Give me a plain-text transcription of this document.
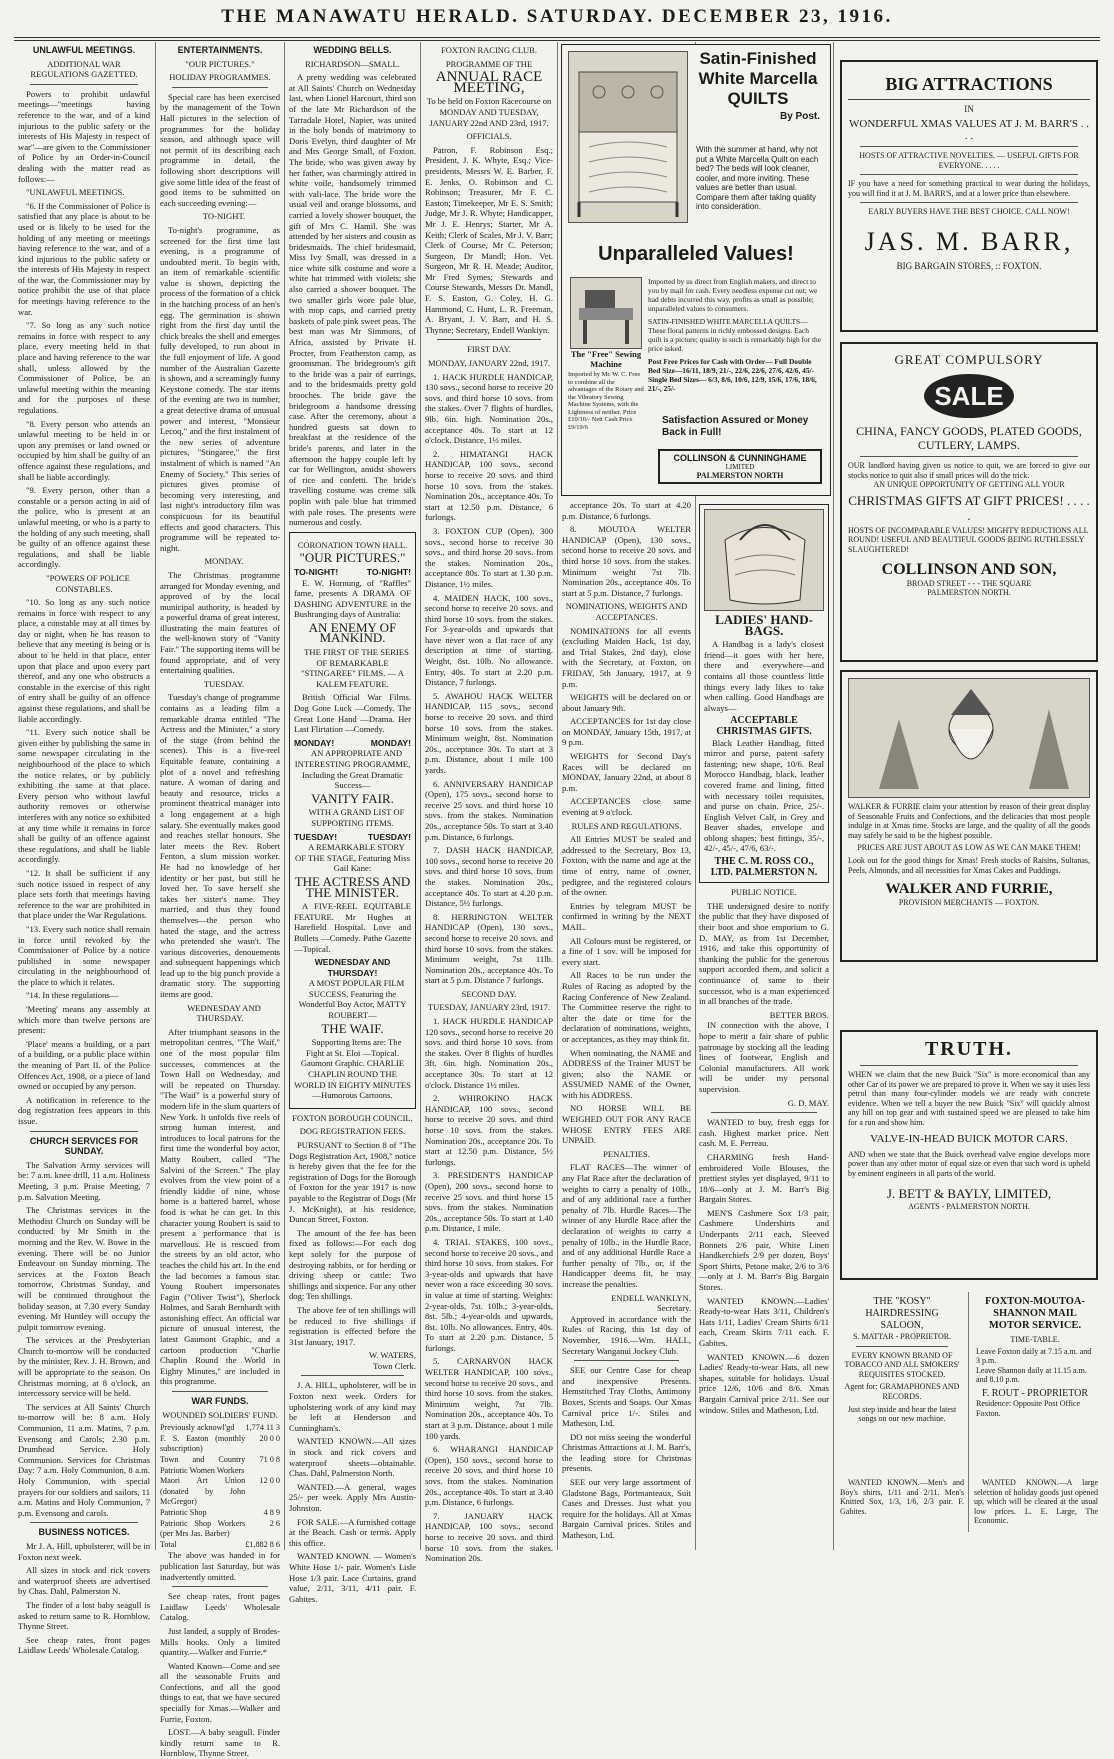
THE MANAWATU HERALD. SATURDAY. DECEMBER 23, 1916.
UNLAWFUL MEETINGS.
ADDITIONAL WAR REGULATIONS GAZETTED.

Powers to prohibit unlawful meetings—"meetings having reference to the war, and of a kind injurious to the public safety or the interests of His Majesty in respect of war"—are given to the Commissioner of Police by an Order-in-Council dealing with the matter read as follows:—

"UNLAWFUL MEETINGS.

"6. If the Commissioner of Police is satisfied that any place is about to be used or is likely to be used for the holding of any meeting or meetings having reference to the war, and of a kind injurious to the public safety or the interests of His Majesty in respect of the war, the Commissioner may by notice prohibit the use of that place for meetings having reference to the war.

"7. So long as any such notice remains in force with respect to any place, every meeting held in that place and having reference to the war shall, unless allowed by the Commissioner of Police, be an unlawful meeting within the meaning and for the purposes of these regulations.

"8. Every person who attends an unlawful meeting to be held in or upon any premises or land owned or occupied by him shall be guilty of an offence against these regulations, and shall be liable accordingly.

"9. Every person, other than a constable or a person acting in aid of the police, who is present at an unlawful meeting, or who is a party to the holding of any such meeting, shall be guilty of an offence against these regulations, and shall be liable accordingly.

"POWERS OF POLICE CONSTABLES.

"10. So long as any such notice remains in force with respect to any place, a constable may at all times by day or night, when he has reason to believe that any meeting is being or is about to be held in that place, enter upon that place and upon every part thereof, and any one who obstructs a constable in the exercise of this right of entry shall be guilty of an offence against these regulations, and shall be liable accordingly.

"11. Every such notice shall be given either by publishing the same in some newspaper circulating in the neighbourhood of the place to which the notice relates, or by publicly exhibiting the same at that place. Every person who without lawful authority removes or otherwise interferes with any notice so exhibited at any time while it remains in force shall be guilty of an offence against these regulations, and shall be liable accordingly.

"12. It shall be sufficient if any such notice issued in respect of any place sets forth that meetings having reference to the war are prohibited in that place under the War Regulations.

"13. Every such notice shall remain in force until revoked by the Commissioner of Police by a notice published in some newspaper circulating in the neighbourhood of the place to which it relates.

"14. In these regulations—

'Meeting' means any assembly at which more than twelve persons are present:

'Place' means a building, or a part of a building, or a public place within the meaning of Part II. of the Police Offences Act, 1908, or a piece of land owned or occupied by any person.

A notification in reference to the dog registration fees appears in this issue.

CHURCH SERVICES FOR SUNDAY.

The Salvation Army services will be: 7 a.m. knee drill, 11 a.m. Holiness Meeting, 3 p.m. Praise Meeting, 7 p.m. Salvation Meeting.

The Christmas services in the Methodist Church on Sunday will be conducted by Mr Smith in the morning and the Rev. W. Bowe in the evening. There will be no Junior Endeavour on Sunday morning. The services at the Foxton Beach tomorrow, Christmas Sunday, and will be continued throughout the holiday season, at 7.30 every Sunday evening. Mr Huntley will occupy the pulpit tomorrow evening.

The services at the Presbyterian Church to-morrow will be conducted by the minister, Rev. J. H. Brown, and will be appropriate to the season. On Christmas morning, at 8 o'clock, an intercessory service will be held.

The services at All Saints' Church to-morrow will be: 8 a.m. Holy Communion, 11 a.m. Matins, 7 p.m. Evensong and Carols; 2.30 p.m. Drumhead Service. Holy Communion. Services for Christmas Day: 7 a.m. Holy Communion, 8 a.m. Holy Communion, with special prayers for our soldiers and sailors, 11 a.m. Matins and Holy Communion, 7 p.m. Evensong and carols.

BUSINESS NOTICES.

Mr J. A. Hill, upholsterer, will be in Foxton next week.

All sizes in stock and rick covers and waterproof sheets are advertised by Chas. Dahl, Palmerston N.

The finder of a lost baby seagull is asked to return same to R. Hornblow, Thynne Street.

See cheap rates, front pages Laidlaw Leeds' Wholesale Catalog.

ENTERTAINMENTS.
"OUR PICTURES."
HOLIDAY PROGRAMMES.

Special care has been exercised by the management of the Town Hall pictures in the selection of programmes for the holiday season, and although space will not permit of its describing each programme in detail, the following short descriptions will give some little idea of the feast of good items to be submitted on each succeeding evening:—

TO-NIGHT.

To-night's programme, as screened for the first time last evening, is a programme of undoubted merit. To begin with, an item of remarkable scientific value is shown, depicting the process of the formation of a chick in the hatching process of an hen's egg. The germination is shown right from the first day until the chick breaks the shell and emerges fully developed, to run about in the full enjoyment of life. A good number of the Australian Gazette is shown, and a screamingly funny Keystone comedy. The star items of the evening are two in number, a great detective drama of unusual power and interest, "Monsieur Lecoq," and the first instalment of the new series of adventure pictures, "Stingaree," the first instalment of which is named "An Enemy of Society." This series of pictures gives promise of becoming very interesting, and last night's introductory film was conspicuous for its beautiful effects and good characters. This programme will be repeated to-night.

MONDAY.

The Christmas programme arranged for Monday evening, and approved of by the local municipal authority, is headed by a powerful drama of great interest, illustrating the main features of the well-known story of "Vanity Fair." The supporting items will be found appropriate, and of very entertaining qualities.

TUESDAY.

Tuesday's change of programme contains as a leading film a remarkable drama entitled "The Actress and the Minister," a story of the stage (from behind the scenes). This is a five-reel Equitable feature, containing a plot of a novel and refreshing nature. A woman of daring and beauty and resource, tricks a prominent theatrical manager into a long engagement at a high salary. She eventually makes good and reaches stellar honours. She later meets the Rev. Robert Fenton, a slum mission worker. He had no knowledge of her identity or her past, but still he loved her. To save herself she takes her sister's name. They married, and thus they found themselves—the person who hated the stage, and the actress who pretended she wasn't. The various discoveries, denouements and subsequent happenings which lead up to the big punch provide a dramatic story. The supporting items are good.

WEDNESDAY AND THURSDAY.

After triumphant seasons in the metropolitan centres, "The Waif," one of the most popular film successes, commences at the Town Hall on Wednesday, and will be repeated on Thursday. "The Waif" is a powerful story of modern life in the slum quarters of New York. It unfolds five reels of strong human interest, and introduces to local patrons for the first time the wonderful boy actor, Matty Roubert, called "The Salvini of the Screen." The play evolves from the view point of a friendly kiddie of nine, whose home is a battered barrel, whose food is what he can get. In this character young Roubert is said to present a performance that is marvellous. He is rescued from the streets by an old actor, who teaches the child his art. In the end the lad becomes a famous star. Young Roubert impersonates Fagin ("Oliver Twist"), Sherlock Holmes, and Sarah Bernhardt with astonishing effect. An official war picture of unusual interest, the latest Gaumont Graphic, and a cartoon production "Charlie Chaplin Round the World in Eighty Minutes," are included in this programme.

WAR FUNDS.
WOUNDED SOLDIERS' FUND.
Previously acknowl'gd	1,774 11 3
F. S. Easton (monthly subscription)	20 0 0
Town and Country Patriotic Women Workers	71 0 8
Maori Art Union (donated by John McGregor)	12 0 0
Patriotic Shop	4 8 9
Patriotic Shop Workers (per Mrs Jas. Barber)	2 6
Total	£1,882 8 6

The above was handed in for publication last Saturday, but was inadvertently omitted.

See cheap rates, front pages Laidlaw Leeds' Wholesale Catalog.

Just landed, a supply of Brodes-Mills hooks. Only a limited quantity.—Walker and Furrie.*

Wanted Known—Come and see all the seasonable Fruits and Confections, and all the good things to eat, that we have secured specially for Xmas.—Walker and Furrie, Foxton.

LOST.—A baby seagull. Finder kindly return same to R. Hornblow, Thynne Street.

WEDDING BELLS.
RICHARDSON—SMALL.

A pretty wedding was celebrated at All Saints' Church on Wednesday last, when Lionel Harcourt, third son of the late Mr Richardson of the Tarradale Hotel, Napier, was united in the holy bonds of matrimony to Doris Evelyn, third daughter of Mr and Mrs George Small, of Foxton. The bride, who was given away by her father, was charmingly attired in white voile, handsomely trimmed with vali-lace. The bride wore the usual veil and orange blossoms, and carried a lovely shower bouquet, the gift of Mrs C. Hamil. She was attended by her sisters and cousin as bridesmaids. The chief bridesmaid, Miss Ivy Small, was dressed in a nice white silk costume and wore a white hat trimmed with violets; she also carried a shower bouquet. The two smaller girls wore pale blue, with mop caps, and carried pretty baskets of pale pink sweet peas. The best man was Mr Simmons, of Africa, assisted by Private H. Procter, from Featherston camp, as groomsman. The bridegroom's gift to the bride was a pair of earrings, and to the bridesmaids pretty gold brooches. The bride gave the bridegroom a handsome dressing case. After the ceremony, about a hundred guests sat down to breakfast at the residence of the bride's parents, and later in the afternoon the happy couple left by car for Wellington, amidst showers of rice and confetti. The bride's travelling costume was creme silk poplin with pale blue hat trimmed with pale roses. The presents were numerous and costly.

CORONATION TOWN HALL.
"OUR PICTURES."
TO-NIGHT!	TO-NIGHT!

E. W. Hornung, of "Raffles" fame, presents A DRAMA OF DASHING ADVENTURE in the Bushranging days of Australia:

AN ENEMY OF MANKIND.

THE FIRST OF THE SERIES OF REMARKABLE "STINGAREE" FILMS. — A KALEM FEATURE.

British Official War Films. Dog Gone Luck —Comedy. The Great Lone Hand —Drama. Her Last Flirtation —Comedy.

MONDAY!	MONDAY!

AN APPROPRIATE AND INTERESTING PROGRAMME, Including the Great Dramatic Success—

VANITY FAIR.

WITH A GRAND LIST OF SUPPORTING ITEMS.

TUESDAY!	TUESDAY!

A REMARKABLE STORY OF THE STAGE, Featuring Miss Gail Kane:

THE ACTRESS AND THE MINISTER.

A FIVE-REEL EQUITABLE FEATURE. Mr Hughes at Harefield Hospital. Love and Bullets —Comedy. Pathe Gazette —Topical.

WEDNESDAY AND THURSDAY!

A MOST POPULAR FILM SUCCESS, Featuring the Wonderful Boy Actor, MATTY ROUBERT—

THE WAIF.

Supporting Items are: The Fight at St. Eloi —Topical. Gaumont Graphic. CHARLIE CHAPLIN ROUND THE WORLD IN EIGHTY MINUTES—Humorous Cartoons.

FOXTON BOROUGH COUNCIL.
DOG REGISTRATION FEES.

PURSUANT to Section 8 of "The Dogs Registration Act, 1908," notice is hereby given that the fee for the registration of Dogs for the Borough of Foxton for the year 1917 is now payable to the Registrar of Dogs (Mr J. McKnight), at his residence, Duncan Street, Foxton.

The amount of the fee has been fixed as follows:—For each dog kept solely for the purpose of destroying rabbits, or for herding or driving sheep or cattle: Two shillings and sixpence. For any other dog: Ten shillings.

The above fee of ten shillings will be reduced to five shillings if registration is effected before the 31st January, 1917.

W. WATERS,
Town Clerk.

J. A. HILL, upholsterer, will be in Foxton next week. Orders for upholstering work of any kind may be left at Henderson and Cunningham's.

WANTED KNOWN.—All sizes in stock and rick covers and waterproof sheets—obtainable. Chas. Dahl, Palmerston North.

WANTED.—A general, wages 25/- per week. Apply Mrs Austin-Johnston.

FOR SALE.—A furnished cottage at the Beach. Cash or terms. Apply this office.

WANTED KNOWN. — Women's White Hose 1/- pair. Women's Lisle Hose 1/3 pair. Lace Curtains, grand value, 2/11, 3/11, 4/11 pair. F. Gabites.

FOXTON RACING CLUB.
PROGRAMME OF THE
ANNUAL RACE MEETING,
To be held on Foxton Racecourse on MONDAY AND TUESDAY, JANUARY 22nd AND 23rd, 1917.
OFFICIALS.

Patron, F. Robinson Esq.; President, J. K. Whyte, Esq.; Vice-presidents, Messrs W. E. Barber, F. E. Jenks, O. Robinson and C. Robinson; Treasurer, Mr F. C. Easton; Timekeeper, Mr E. S. Smith; Judge, Mr J. R. Whyte; Handicapper, Mr J. E. Henrys; Starter, Mr A. Keith; Clerk of Scales, Mr J. V. Barr; Clerk of Course, Mr C. Peterson; Surgeon, Dr Mandl; Hon. Vet. Surgeon, Mr R. H. Meade; Auditor, Mr Fred Symes; Stewards and Course Stewards, Messrs Dr. Mandl, F. S. Easton, G. Coley, H. G. Hammond, C. Hunt, L. R. Freeman, A. Bryant, J. V. Barr, and H. S. Thynne; Secretary, Endell Wankiyn.

FIRST DAY.
MONDAY, JANUARY 22nd, 1917.

1. HACK HURDLE HANDICAP, 130 sovs., second horse to receive 20 sovs. and third horse 10 sovs. from the stakes. Over 7 flights of hurdles, 9lb. 6in. high. Nomination 20s., acceptance 40s. To start at 12 o'clock. Distance, 1½ miles.

2. HIMATANGI HACK HANDICAP, 100 sovs., second horse to receive 20 sovs. and third horse 10 sovs. from the stakes. Nomination 20s., acceptance 40s. To start at 12.50 p.m. Distance, 6 furlongs.

3. FOXTON CUP (Open), 300 sovs., second horse to receive 30 sovs., and third horse 20 sovs. from the stakes. Nomination 20s., acceptance 80s. To start at 1.30 p.m. Distance, 1½ miles.

4. MAIDEN HACK, 100 sovs., second horse to receive 20 sovs. and third horse 10 sovs. from the stakes. For 3-year-olds and upwards that have never won a flat race of any description at time of starting. Weight, 8st. 10lb. No allowance. Entry, 40s. To start at 2.20 p.m. Distance, 7 furlongs.

5. AWAHOU HACK WELTER HANDICAP, 115 sovs., second horse to receive 20 sovs. and third horse 10 sovs. from the stakes. Minimum weight, 8st. Nomination 20s., acceptance 30s. To start at 3 p.m. Distance, about 1 mile 100 yards.

6. ANNIVERSARY HANDICAP (Open), 175 sovs., second horse to receive 25 sovs. and third horse 10 sovs. from the stakes. Nomination 20s., acceptance 50s. To start at 3.40 p.m. Distance, 6 furlongs.

7. DASH HACK HANDICAP, 100 sovs., second horse to receive 20 sovs. and third horse 10 sovs. from the stakes. Nomination 20s., acceptance 40s. To start at 4.20 p.m. Distance, 5½ furlongs.

8. HERRINGTON WELTER HANDICAP (Open), 130 sovs., second horse to receive 20 sovs. and third horse 10 sovs. from the stakes. Minimum weight, 7st 11lb. Nomination 20s., acceptance 40s. To start at 5 p.m. Distance 7 furlongs.

SECOND DAY.
TUESDAY, JANUARY 23rd, 1917.

1. HACK HURDLE HANDICAP 120 sovs., second horse to receive 20 sovs. and third horse 10 sovs. from the stakes. Over 8 flights of hurdles 3ft. 6in. high. Nomination 20s., acceptance 30s. To start at 12 o'clock. Distance 1½ miles.

2. WHIROKINO HACK HANDICAP, 100 sovs., second horse to receive 20 sovs. and third horse 10 sovs. from the stakes. Nomination 20s., acceptance 20s. To start at 12.50 p.m. Distance, 5½ furlongs.

3. PRESIDENT'S HANDICAP (Open), 200 sovs., second horse to receive 25 sovs. and third horse 15 sovs. from the stakes. Nomination 20s., acceptance 50s. To start at 1.40 p.m. Distance, 1 mile.

4. TRIAL STAKES, 100 sovs., second horse to receive 20 sovs., and third horse 10 sovs. from stakes. For 3-year-olds and upwards that have never won a race exceeding 30 sovs. in value at time of starting. Weights: 2-year-olds, 7st. 10lb.; 3-year-olds, 8st. 5lb.; 4-year-olds and upwards, 8st. 10lb. No allowances. Entry, 40s. To start at 2.20 p.m. Distance, 5 furlongs.

5. CARNARVON HACK WELTER HANDICAP, 100 sovs., second horse to receive 20 sovs., and third horse 10 sovs. from the stakes. Minimum weight, 7st 7lb. Nomination 20s., acceptance 40s. To start at 3 p.m. Distance, about 1 mile 100 yards.

6. WHARANGI HANDICAP (Open), 150 sovs., second horse to receive 20 sovs. and third horse 10 sovs. from the stakes. Nomination 20s., acceptance 40s. To start at 3.40 p.m. Distance, 6 furlongs.

7. JANUARY HACK HANDICAP, 100 sovs., second horse to receive 20 sovs. and third horse 10 sovs. from the stakes. Nomination 20s.

Satin-Finished White Marcella QUILTS
By Post.
With the summer at hand, why not put a White Marcella Quilt on each bed? The beds will look cleaner, cooler, and more inviting. These values are better than usual. Compare them after taking quality into consideration.
Unparalleled Values!
The "Free" Sewing Machine
Imported by Mr. W. C. Free to combine all the advantages of the Rotary and the Vibratory Sewing Machine Systems, with the Lightness of neither. Price £10/10/- Nett Cash Price £9/19/6
Imported by us direct from English makers, and direct to you by mail for cash. Every needless expense cut out; we had debts incurred this way, profits as small as possible; unparalleled values to consumers.
SATIN-FINISHED WHITE MARCELLA QUILTS—These floral patterns in richly embossed designs. Each quilt is a picture; quality is such is remarkably high for the price asked.
Post Free Prices for Cash with Order— Full Double Bed Size—16/11, 18/9, 21/-, 22/6, 22/6, 27/6, 42/6, 45/- Single Bed Sizes— 6/3, 8/6, 10/6, 12/9, 15/6, 17/6, 18/6, 21/-, 25/-
Satisfaction Assured or Money Back in Full!
COLLINSON & CUNNINGHAME
LIMITED
PALMERSTON NORTH

acceptance 20s. To start at 4.20 p.m. Distance, 6 furlongs.

8. MOUTOA WELTER HANDICAP (Open), 130 sovs., second horse to receive 20 sovs. and third horse 10 sovs. from the stakes. Minimum weight 7st 7lb. Nomination 20s., acceptance 40s. To start at 5 p.m. Distance, 7 furlongs.

NOMINATIONS, WEIGHTS AND ACCEPTANCES.

NOMINATIONS for all events (excluding Maiden Hack, 1st day, and Trial Stakes, 2nd day), close with the Secretary, at Foxton, on FRIDAY, 5th January, 1917, at 9 p.m.

WEIGHTS will be declared on or about January 9th.

ACCEPTANCES for 1st day close on MONDAY, January 15th, 1917, at 9 p.m.

WEIGHTS for Second Day's Races will be declared on MONDAY, January 22nd, at about 8 p.m.

ACCEPTANCES close same evening at 9 o'clock.

RULES AND REGULATIONS.

All Entries MUST be sealed and addressed to the Secretary, Box 13, Foxton, with the name and age at the time of entry, name of owner, pedigree, and the registered colours of the owner.

Entries by telegram MUST be confirmed in writing by the NEXT MAIL.

All Colours must be registered, or a fine of 1 sov. will be imposed for every start.

All Races to be run under the Rules of Racing as adopted by the Racing Conference of New Zealand. The Committee reserve the right to alter the date or time for the declaration of nominations, weights, or acceptances, as they may think fit.

When nominating, the NAME and ADDRESS of the Trainer MUST be given; also the NAME or ASSUMED NAME of the Owner, with his ADDRESS.

NO HORSE WILL BE WEIGHED OUT FOR ANY RACE WHOSE ENTRY FEES ARE UNPAID.

PENALTIES.

FLAT RACES—The winner of any Flat Race after the declaration of weights to carry a penalty of 10lb., and of any additional race a further penalty of 7lb. Hurdle Races—The winner of any Hurdle Race after the declaration of weights to carry a penalty of 10lb., in the Hurdle Race, and of any additional Hurdle Race a further penalty of 7lb., or, if the Handicapper deems fit, he may increase the penalties.

ENDELL WANKLYN,
Secretary.

Approved in accordance with the Rules of Racing, this 1st day of November, 1916.—Wm. HALL, Secretary Wanganui Jockey Club.

SEE our Centre Case for cheap and inexpensive Presents. Hemstitched Tray Cloths, Antimony Boxes, Scents and Soaps. Our Xmas Carnival price 1/-. Stiles and Matheson, Ltd.

DO not miss seeing the wonderful Christmas Attractions at J. M. Barr's, the leading store for Christmas presents.

SEE our very large assortment of Gladstone Bags, Portmanteaux, Suit Cases and Dresses. Just what you require for the holidays. All at Xmas Bargain Carnival prices. Stiles and Matheson, Ltd.

LADIES' HAND-BAGS.

A Handbag is a lady's closest friend—it goes with her here, there and everywhere—and contains all those countless little things every lady likes to take when calling. Good Handbags are always—

ACCEPTABLE CHRISTMAS GIFTS.

Black Leather Handbag, fitted mirror and purse, patent safety fastening; new shape, 10/6. Real Morocco Handbag, black, leather covered frame and lining, fitted with necessary toilet requisites, and purse on chain. Price, 25/-. English Velvet Calf, in Grey and Beaver shades, envelope and oblong shapes; best fittings, 35/-, 42/-, 45/-, 47/6, 63/-.

THE C. M. ROSS CO., LTD. PALMERSTON N.
PUBLIC NOTICE.

THE undersigned desire to notify the public that they have disposed of their boot and shoe emporium to G. D. MAY, as from 1st December, 1916, and take this opportunity of thanking the public for the generous support accorded them, and solicit a continuance of same to their successor, who is a man experienced in all branches of the trade.

BETTER BROS.

IN connection with the above, I hope to merit a fair share of public patronage by stocking all the leading lines of footwear, English and Colonial manufacturers. All work will be under my personal supervision.

G. D. MAY.

WANTED to buy, fresh eggs for cash. Highest market price. Nett cash. M. E. Perreau.

CHARMING fresh Hand-embroidered Voile Blouses, the prettiest styles yet displayed, 9/11 to 18/6—only at J. M. Barr's Big Bargain Stores.

MEN'S Cashmere Sox 1/3 pair, Cashmere Undershirts and Underpants 2/11 each, Sleeved Bonnets 2/6 pair, White Linen Handkerchiefs 2/9 per dozen, Boys' Sport Shirts, Petone make, 2/6 to 3/6—only at J. M. Barr's Big Bargain Stores.

WANTED KNOWN.—Ladies' Ready-to-wear Hats 3/11, Children's Hats 1/11, Ladies' Cream Shirts 6/11 each, Cream Skirts 7/11 each. F. Gabites.

WANTED KNOWN.—6 dozen Ladies' Ready-to-wear Hats, all new shapes, suitable for holidays. Usual price 12/6, 10/6 and 8/6. Xmas Bargain Carnival price 2/11. See our window. Stiles and Matheson, Ltd.

BIG ATTRACTIONS
IN
WONDERFUL XMAS VALUES AT J. M. BARR'S . . . .
HOSTS OF ATTRACTIVE NOVELTIES. — USEFUL GIFTS FOR EVERYONE. . . . .
IF you have a need for something practical to wear during the holidays, you will find it at J. M. BARR'S, and at a lower price than elsewhere.
EARLY BUYERS HAVE THE BEST CHOICE. CALL NOW!
JAS. M. BARR,
BIG BARGAIN STORES, :: FOXTON.
GREAT COMPULSORY
SALE
CHINA, FANCY GOODS, PLATED GOODS, CUTLERY, LAMPS.
OUR landlord having given us notice to quit, we are forced to give our stocks notice to quit also if small prices will do the trick.
AN UNIQUE OPPORTUNITY OF GETTING ALL YOUR
CHRISTMAS GIFTS AT GIFT PRICES! . . . . .
HOSTS OF INCOMPARABLE VALUES! MIGHTY REDUCTIONS ALL ROUND! USEFUL AND BEAUTIFUL GOODS BEING RUTHLESSLY SLAUGHTERED!
COLLINSON AND SON,
BROAD STREET - - - THE SQUARE
PALMERSTON NORTH.
WALKER & FURRIE claim your attention by reason of their great display of Seasonable Fruits and Confections, and the delicacies that most people indulge in at Xmas time. Stocks are large, and the quality of all the goods may safely be said to be the highest possible.
PRICES ARE JUST ABOUT AS LOW AS WE CAN MAKE THEM!
Look out for the good things for Xmas! Fresh stocks of Raisins, Sultanas, Peels, Almonds, and all necessities for Xmas Cakes and Puddings.
WALKER AND FURRIE,
PROVISION MERCHANTS — FOXTON.
TRUTH.
WHEN we claim that the new Buick "Six" is more economical than any other Car of its power we are prepared to prove it. When we say it uses less petrol than many four-cylinder models we are ready with concrete evidence. When we tell a buyer the new Buick "Six" will quickly almost any hill on top gear and with sustained speed we are pleased to take him for a run and show him.
VALVE-IN-HEAD BUICK MOTOR CARS.
AND when we state that the Buick overhead valve engine develops more power than any other motor of equal size or even that such word is upheld by eminent engineers in all parts of the world.
J. BETT & BAYLY, LIMITED,
AGENTS - PALMERSTON NORTH.
THE "KOSY" HAIRDRESSING SALOON,
S. MATTAR - PROPRIETOR.
EVERY KNOWN BRAND OF TOBACCO AND ALL SMOKERS' REQUISITES STOCKED.
Agent for: GRAMAPHONES AND RECORDS.
Just step inside and hear the latest songs on our new machine.
FOXTON-MOUTOA-SHANNON MAIL MOTOR SERVICE.
TIME-TABLE.
Leave Foxton daily at 7.15 a.m. and 3 p.m.
Leave Shannon daily at 11.15 a.m. and 8.10 p.m.
F. ROUT - PROPRIETOR
Residence: Opposite Post Office Foxton.

WANTED KNOWN.—Men's and Boy's shirts, 1/11 and 2/11. Men's Knitted Sox, 1/3, 1/6, 2/3 pair. F. Gabites.

WANTED KNOWN.—A large selection of holiday goods just opened up, which will be cleared at the usual low prices. L. E. Large, The Economic.
